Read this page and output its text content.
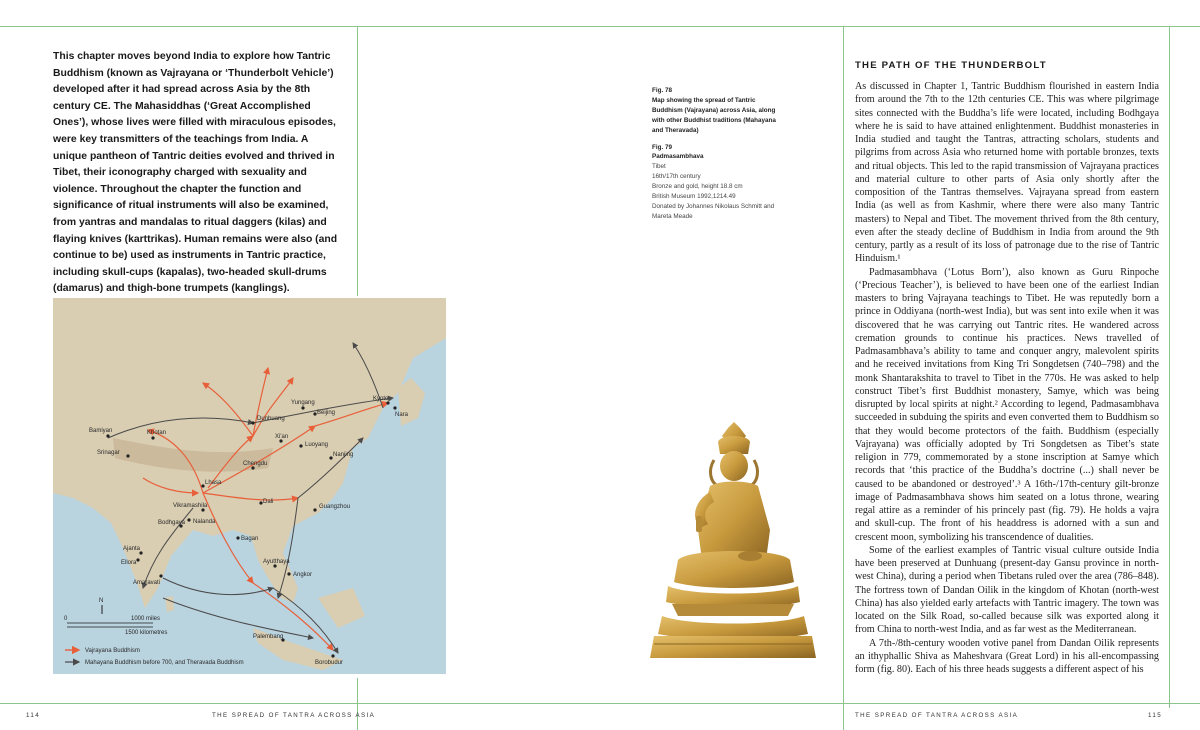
This chapter moves beyond India to explore how Tantric Buddhism (known as Vajrayana or ‘Thunderbolt Vehicle’) developed after it had spread across Asia by the 8th century CE. The Mahasiddhas (‘Great Accomplished Ones’), whose lives were filled with miraculous episodes, were key transmitters of the teachings from India. A unique pantheon of Tantric deities evolved and thrived in Tibet, their iconography charged with sexuality and violence. Throughout the chapter the function and significance of ritual instruments will also be examined, from yantras and mandalas to ritual daggers (kilas) and flaying knives (karttrikas). Human remains were also (and continue to be) used as instruments in Tantric practice, including skull-cups (kapalas), two-headed skull-drums (damarus) and thigh-bone trumpets (kanglings).

Bamiyan	Khotan
Dunhuang
Yungang
Beijing
Kyoto
Nara
Srinagar
Luoyang
Xi'an
Nanjing
Chengdu
Lhasa
Dali
Vikramashila
Nalanda
Bodhgaya
Bagan
Guangzhou
Ajanta
Ellora
Amaravati
Ayutthaya
Angkor
Palembang
Borobudur
N
0	1000 miles
1500 kilometres
Vajrayana Buddhism
Mahayana Buddhism before 700, and Theravada Buddhism
114	THE SPREAD OF TANTRA ACROSS ASIA
Fig. 78
Map showing the spread of Tantric Buddhism (Vajrayana) across Asia, along with other Buddhist traditions (Mahayana and Theravada)
Fig. 79
Padmasambhava
Tibet
16th/17th century
Bronze and gold, height 18.8 cm
British Museum 1992,1214.49
Donated by Johannes Nikolaus Schmitt and Mareta Meade
THE PATH OF THE THUNDERBOLT

As discussed in Chapter 1, Tantric Buddhism flourished in eastern India from around the 7th to the 12th centuries CE. This was where pilgrimage sites connected with the Buddha’s life were located, including Bodhgaya where he is said to have attained enlightenment. Buddhist monasteries in India studied and taught the Tantras, attracting scholars, students and pilgrims from across Asia who returned home with portable bronzes, texts and ritual objects. This led to the rapid transmission of Vajrayana practices and material culture to other parts of Asia only shortly after the composition of the Tantras themselves. Vajrayana spread from eastern India (as well as from Kashmir, where there were also many Tantric masters) to Nepal and Tibet. The movement thrived from the 8th century, even after the steady decline of Buddhism in India from around the 9th century, partly as a result of its loss of patronage due to the rise of Tantric Hinduism.¹

Padmasambhava (‘Lotus Born’), also known as Guru Rinpoche (‘Precious Teacher’), is believed to have been one of the earliest Indian masters to bring Vajrayana teachings to Tibet. He was reputedly born a prince in Oddiyana (north-west India), but was sent into exile when it was discovered that he was carrying out Tantric rites. He wandered across cremation grounds to continue his practices. News travelled of Padmasambhava’s ability to tame and conquer angry, malevolent spirits and he received invitations from King Tri Songdetsen (740–798) and the monk Shantarakshita to travel to Tibet in the 770s. He was asked to help construct Tibet’s first Buddhist monastery, Samye, which was being disrupted by local spirits at night.² According to legend, Padmasambhava succeeded in subduing the spirits and even converted them to Buddhism so that they would become protectors of the faith. Buddhism (especially Vajrayana) was officially adopted by Tri Songdetsen as Tibet’s state religion in 779, commemorated by a stone inscription at Samye which records that ‘this practice of the Buddha’s doctrine (...) shall never be caused to be abandoned or destroyed’.³ A 16th-/17th-century gilt-bronze image of Padmasambhava shows him seated on a lotus throne, wearing regal attire as a reminder of his princely past (fig. 79). He holds a vajra and skull-cup. The front of his headdress is adorned with a sun and crescent moon, symbolizing his transcendence of dualities.

Some of the earliest examples of Tantric visual culture outside India have been preserved at Dunhuang (present-day Gansu province in north-west China), during a period when Tibetans ruled over the area (786–848). The fortress town of Dandan Oilik in the kingdom of Khotan (north-west China) has also yielded early artefacts with Tantric imagery. The town was located on the Silk Road, so-called because silk was exported along it from China to north-west India, and as far west as the Mediterranean.

A 7th-/8th-century wooden votive panel from Dandan Oilik represents an ithyphallic Shiva as Maheshvara (Great Lord) in his all-encompassing form (fig. 80). Each of his three heads suggests a different aspect of his

THE SPREAD OF TANTRA ACROSS ASIA	115
